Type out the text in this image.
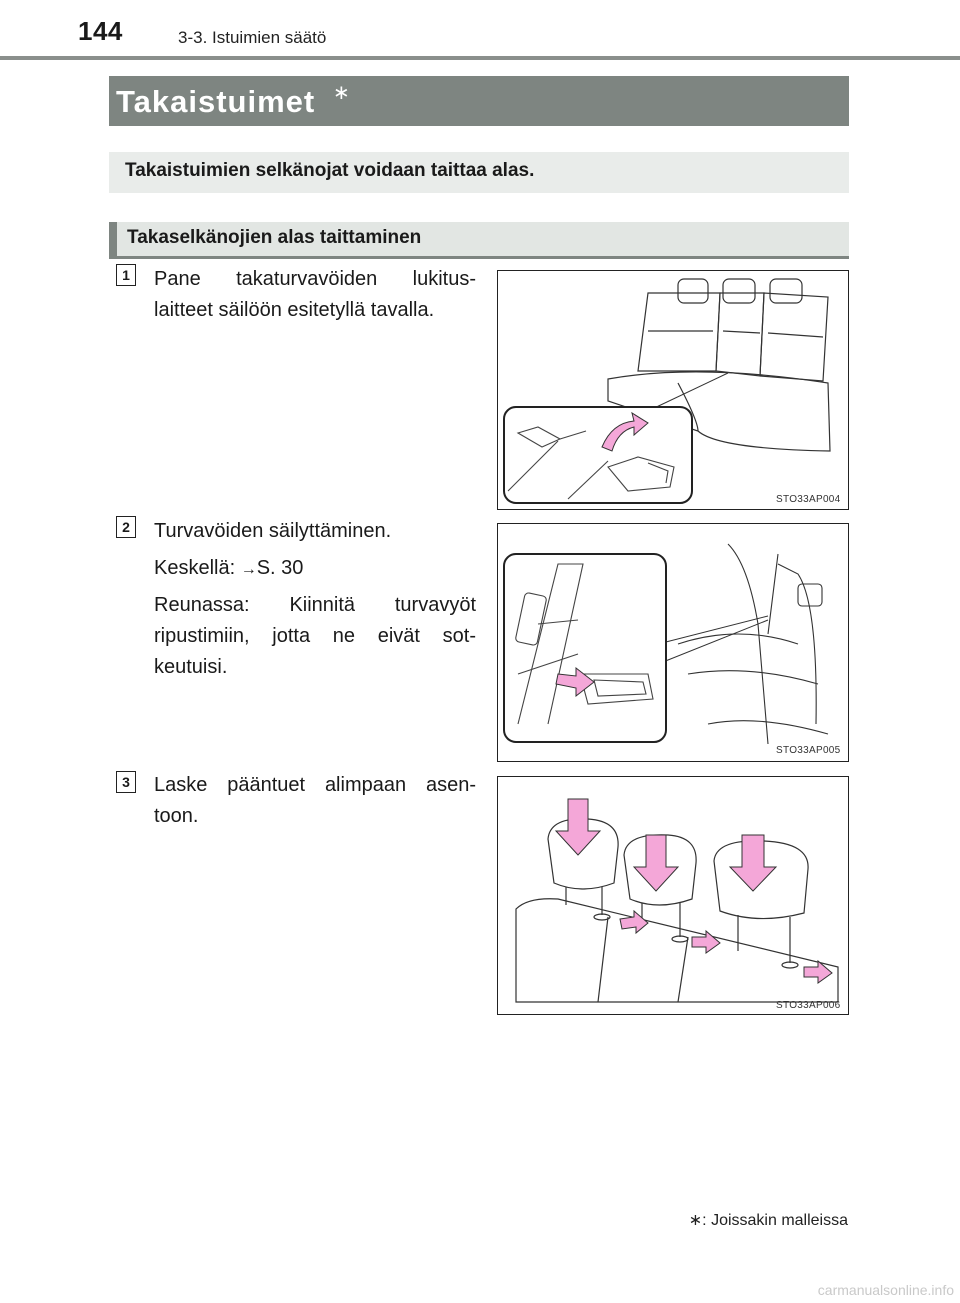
144	3-3. Istuimien säätö
Takaistuimet ∗
Takaistuimien selkänojat voidaan taittaa alas.
Takaselkänojien alas taittaminen
1	Pane takaturvavöiden lukitus-
laitteet säilöön esitetyllä tavalla.
STO33AP004
2	Turvavöiden säilyttäminen.
Keskellä: →S. 30
Reunassa: Kiinnitä turvavyöt
ripustimiin, jotta ne eivät sot-
keutuisi.
STO33AP005
3	Laske pääntuet alimpaan asen-
toon.
STO33AP006
∗: Joissakin malleissa
carmanualsonline.info
